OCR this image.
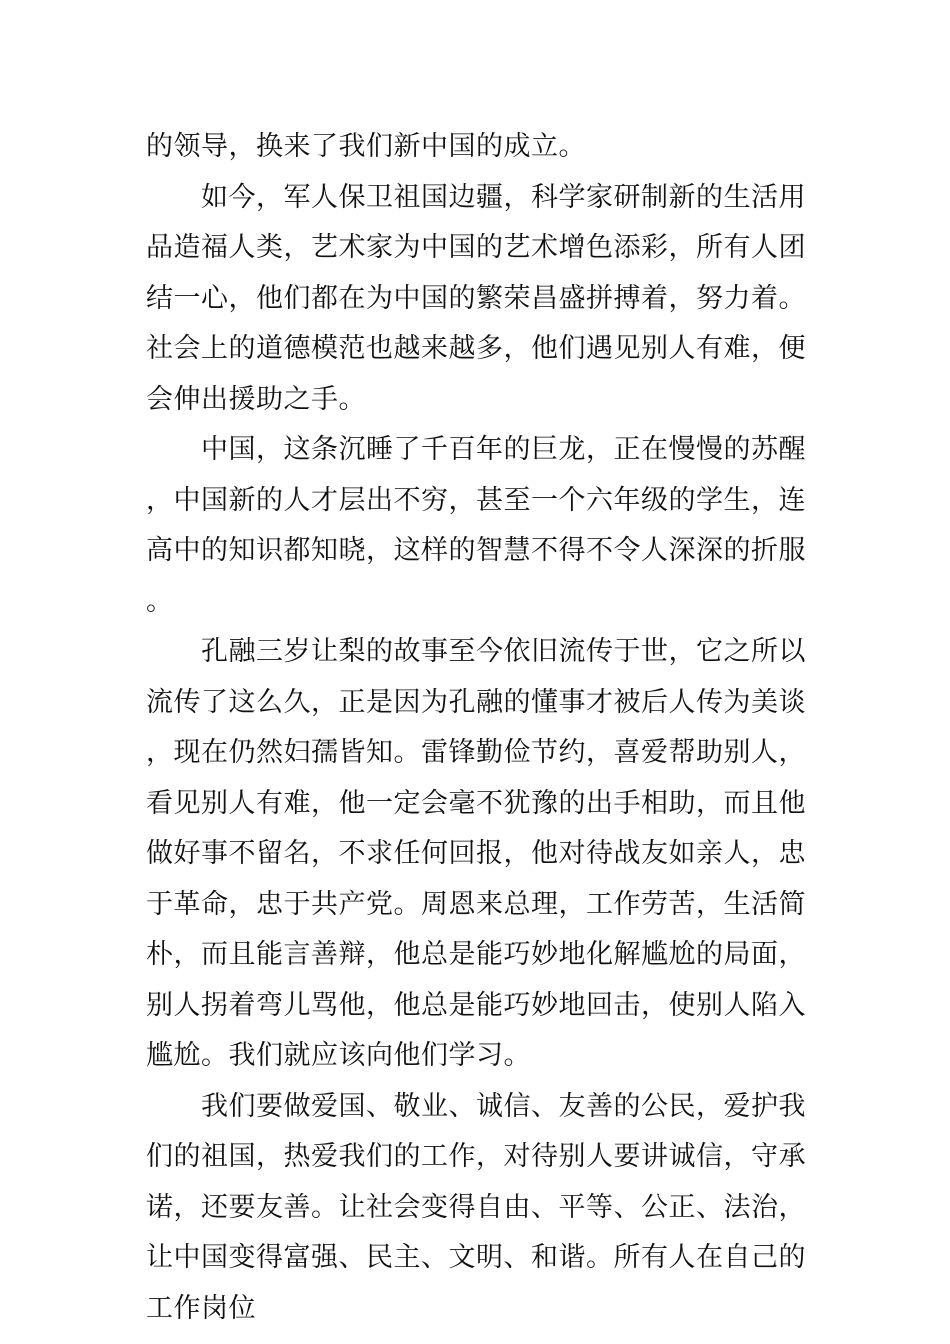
的领导，换来了我们新中国的成立。

如今，军人保卫祖国边疆，科学家研制新的生活用品造福人类，艺术家为中国的艺术增色添彩，所有人团结一心，他们都在为中国的繁荣昌盛拼搏着，努力着。社会上的道德模范也越来越多，他们遇见别人有难，便会伸出援助之手。

中国，这条沉睡了千百年的巨龙，正在慢慢的苏醒，中国新的人才层出不穷，甚至一个六年级的学生，连高中的知识都知晓，这样的智慧不得不令人深深的折服。

孔融三岁让梨的故事至今依旧流传于世，它之所以流传了这么久，正是因为孔融的懂事才被后人传为美谈，现在仍然妇孺皆知。雷锋勤俭节约，喜爱帮助别人，看见别人有难，他一定会毫不犹豫的出手相助，而且他做好事不留名，不求任何回报，他对待战友如亲人，忠于革命，忠于共产党。周恩来总理，工作劳苦，生活简朴，而且能言善辩，他总是能巧妙地化解尴尬的局面，别人拐着弯儿骂他，他总是能巧妙地回击，使别人陷入尴尬。我们就应该向他们学习。

我们要做爱国、敬业、诚信、友善的公民，爱护我们的祖国，热爱我们的工作，对待别人要讲诚信，守承诺，还要友善。让社会变得自由、平等、公正、法治，让中国变得富强、民主、文明、和谐。所有人在自己的工作岗位
